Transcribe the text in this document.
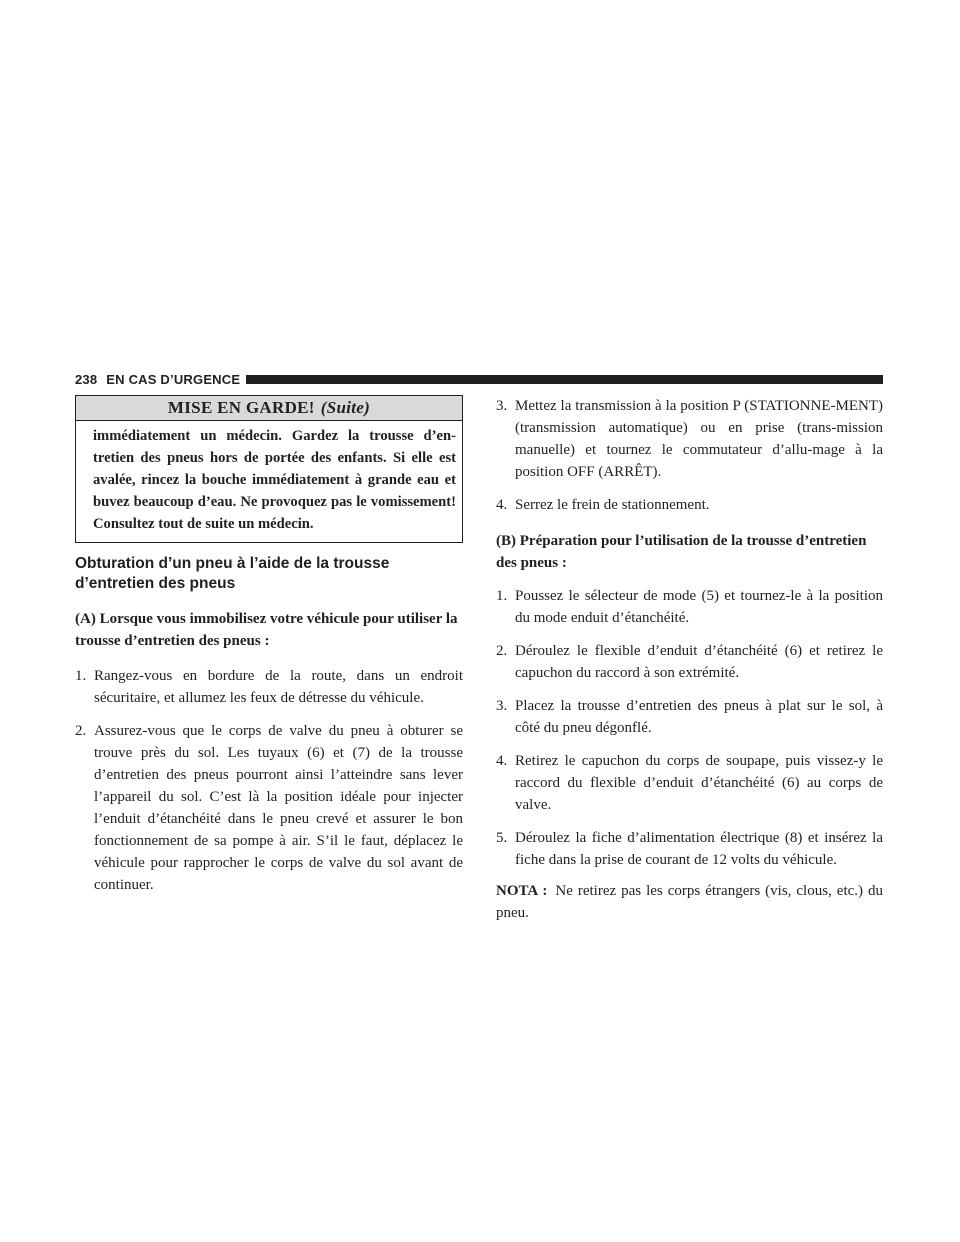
238 EN CAS D’URGENCE
MISE EN GARDE! (Suite)
immédiatement un médecin. Gardez la trousse d’en-tretien des pneus hors de portée des enfants. Si elle est avalée, rincez la bouche immédiatement à grande eau et buvez beaucoup d’eau. Ne provoquez pas le vomissement! Consultez tout de suite un médecin.
Obturation d’un pneu à l’aide de la trousse d’entretien des pneus

(A) Lorsque vous immobilisez votre véhicule pour utiliser la trousse d’entretien des pneus :

1. Rangez-vous en bordure de la route, dans un endroit sécuritaire, et allumez les feux de détresse du véhicule.
2. Assurez-vous que le corps de valve du pneu à obturer se trouve près du sol. Les tuyaux (6) et (7) de la trousse d’entretien des pneus pourront ainsi l’atteindre sans lever l’appareil du sol. C’est là la position idéale pour injecter l’enduit d’étanchéité dans le pneu crevé et assurer le bon fonctionnement de sa pompe à air. S’il le faut, déplacez le véhicule pour rapprocher le corps de valve du sol avant de continuer.
3. Mettez la transmission à la position P (STATIONNE-MENT) (transmission automatique) ou en prise (trans-mission manuelle) et tournez le commutateur d’allu-mage à la position OFF (ARRÊT).
4. Serrez le frein de stationnement.

(B) Préparation pour l’utilisation de la trousse d’entretien des pneus :

1. Poussez le sélecteur de mode (5) et tournez-le à la position du mode enduit d’étanchéité.
2. Déroulez le flexible d’enduit d’étanchéité (6) et retirez le capuchon du raccord à son extrémité.
3. Placez la trousse d’entretien des pneus à plat sur le sol, à côté du pneu dégonflé.
4. Retirez le capuchon du corps de soupape, puis vissez-y le raccord du flexible d’enduit d’étanchéité (6) au corps de valve.
5. Déroulez la fiche d’alimentation électrique (8) et insérez la fiche dans la prise de courant de 12 volts du véhicule.

NOTA : Ne retirez pas les corps étrangers (vis, clous, etc.) du pneu.
